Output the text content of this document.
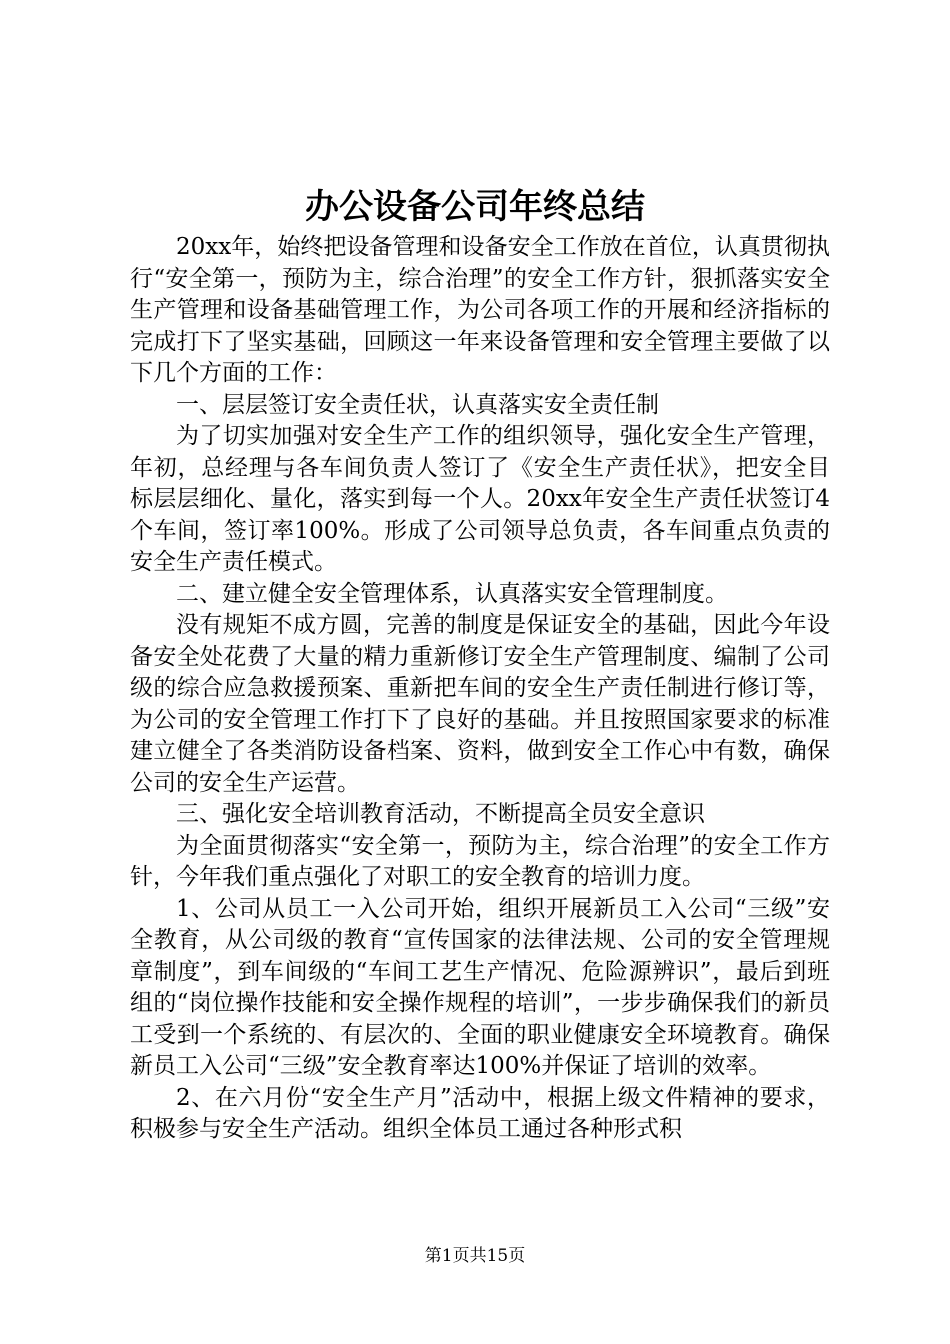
办公设备公司年终总结

20xx年，始终把设备管理和设备安全工作放在首位，认真贯彻执行“安全第一，预防为主，综合治理”的安全工作方针，狠抓落实安全生产管理和设备基础管理工作，为公司各项工作的开展和经济指标的完成打下了坚实基础，回顾这一年来设备管理和安全管理主要做了以下几个方面的工作：

一、层层签订安全责任状，认真落实安全责任制

为了切实加强对安全生产工作的组织领导，强化安全生产管理，年初，总经理与各车间负责人签订了《安全生产责任状》，把安全目标层层细化、量化，落实到每一个人。20xx年安全生产责任状签订4个车间，签订率100%。形成了公司领导总负责，各车间重点负责的安全生产责任模式。

二、建立健全安全管理体系，认真落实安全管理制度。

没有规矩不成方圆，完善的制度是保证安全的基础，因此今年设备安全处花费了大量的精力重新修订安全生产管理制度、编制了公司级的综合应急救援预案、重新把车间的安全生产责任制进行修订等，为公司的安全管理工作打下了良好的基础。并且按照国家要求的标准建立健全了各类消防设备档案、资料，做到安全工作心中有数，确保公司的安全生产运营。

三、强化安全培训教育活动，不断提高全员安全意识

为全面贯彻落实“安全第一，预防为主，综合治理”的安全工作方针，今年我们重点强化了对职工的安全教育的培训力度。

1、公司从员工一入公司开始，组织开展新员工入公司“三级”安全教育，从公司级的教育“宣传国家的法律法规、公司的安全管理规章制度”，到车间级的“车间工艺生产情况、危险源辨识”，最后到班组的“岗位操作技能和安全操作规程的培训”，一步步确保我们的新员工受到一个系统的、有层次的、全面的职业健康安全环境教育。确保新员工入公司“三级”安全教育率达100%并保证了培训的效率。

2、在六月份“安全生产月”活动中，根据上级文件精神的要求，积极参与安全生产活动。组织全体员工通过各种形式积

第1页共15页
